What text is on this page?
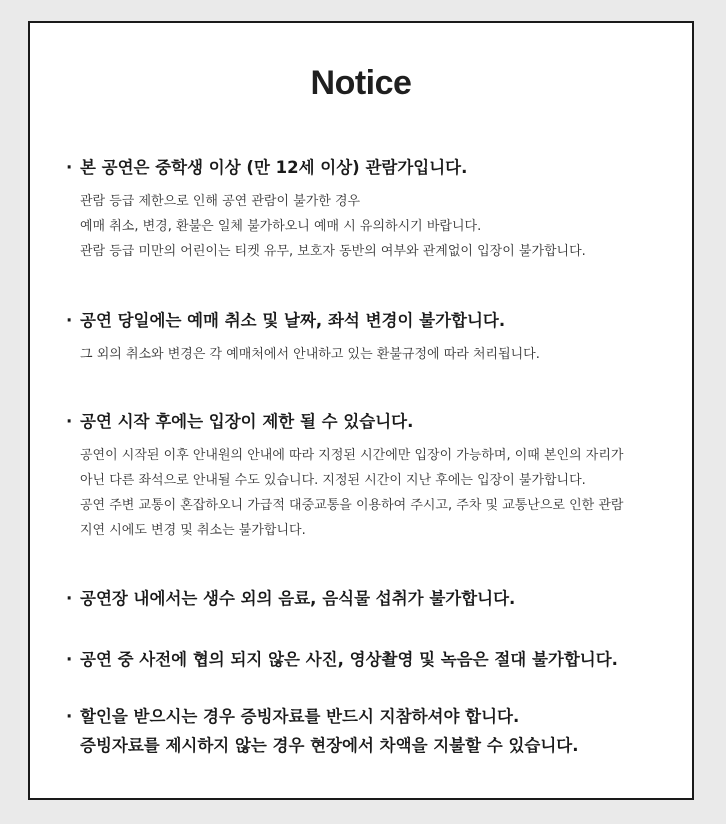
Notice
· 본 공연은 중학생 이상 (만 12세 이상) 관람가입니다.
관람 등급 제한으로 인해 공연 관람이 불가한 경우
예매 취소, 변경, 환불은 일체 불가하오니 예매 시 유의하시기 바랍니다.
관람 등급 미만의 어린이는 티켓 유무, 보호자 동반의 여부와 관계없이 입장이 불가합니다.
· 공연 당일에는 예매 취소 및 날짜, 좌석 변경이 불가합니다.
그 외의 취소와 변경은 각 예매처에서 안내하고 있는 환불규정에 따라 처리됩니다.
· 공연 시작 후에는 입장이 제한 될 수 있습니다.
공연이 시작된 이후 안내원의 안내에 따라 지정된 시간에만 입장이 가능하며, 이때 본인의 자리가
아닌 다른 좌석으로 안내될 수도 있습니다. 지정된 시간이 지난 후에는 입장이 불가합니다.
공연 주변 교통이 혼잡하오니 가급적 대중교통을 이용하여 주시고, 주차 및 교통난으로 인한 관람
지연 시에도 변경 및 취소는 불가합니다.
· 공연장 내에서는 생수 외의 음료, 음식물 섭취가 불가합니다.
· 공연 중 사전에 협의 되지 않은 사진, 영상촬영 및 녹음은 절대 불가합니다.
· 할인을 받으시는 경우 증빙자료를 반드시 지참하셔야 합니다.
증빙자료를 제시하지 않는 경우 현장에서 차액을 지불할 수 있습니다.
